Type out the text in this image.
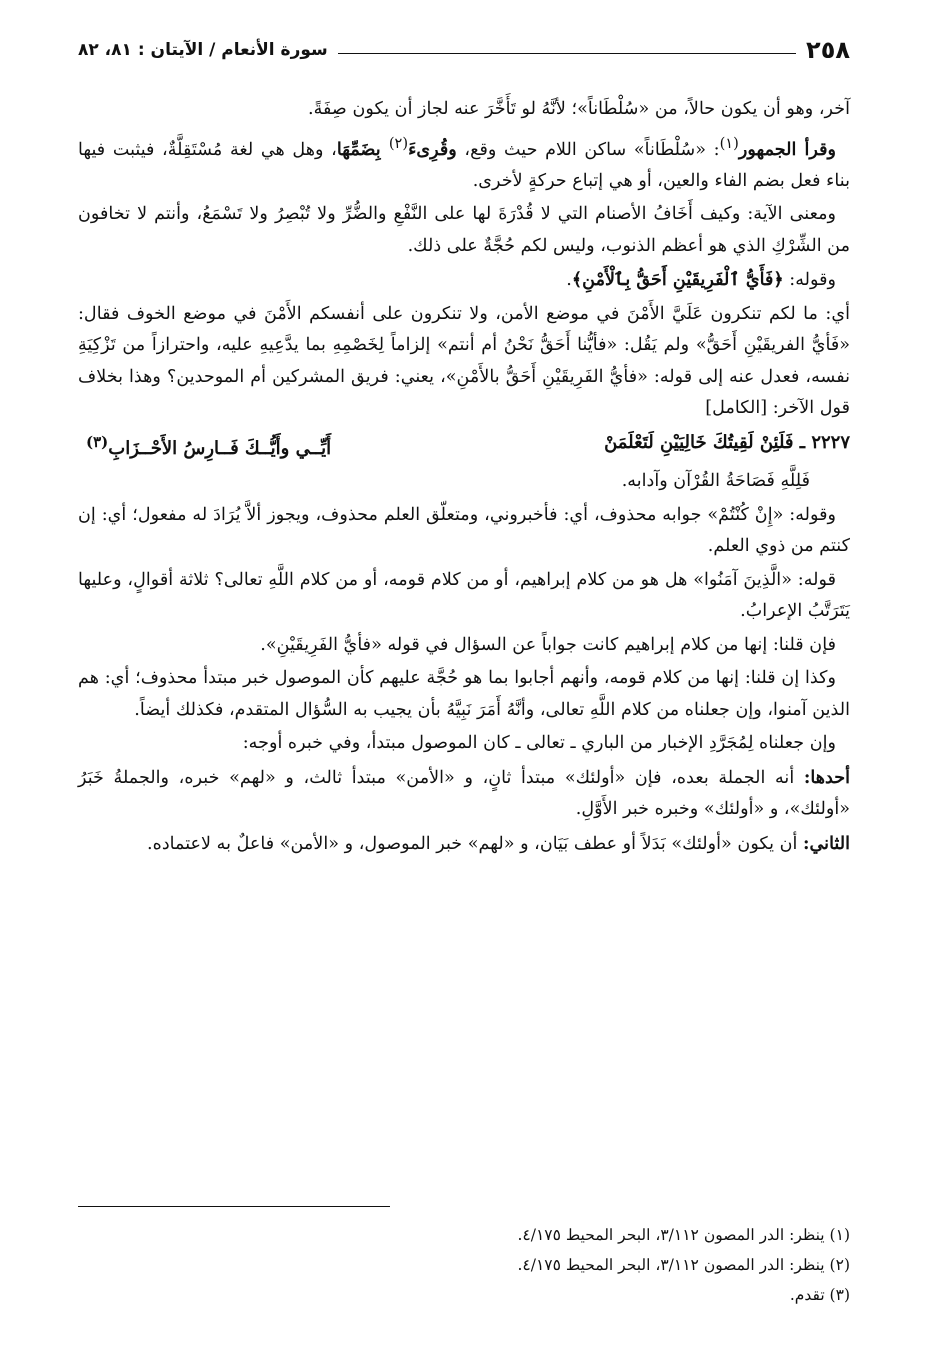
٢٥٨
سورة الأنعام / الآيتان : ٨١، ٨٢

آخر، وهو أن يكون حالاً، من «سُلْطَاناً»؛ لأنَّهُ لو تَأَخَّرَ عنه لجاز أن يكون صِفَةً.

وقرأ الجمهور$^{(١)}$: «سُلْطَاناً» ساكن اللام حيث وقع، وقُرِىءَ$^{(٢)}$ بِضَمِّهَا، وهل هي لغة مُسْتَقِلَّةٌ، فيثبت فيها بناء فعل بضم الفاء والعين، أو هي إتباع حركةٍ لأخرى.

ومعنى الآية: وكيف أَخَافُ الأصنام التي لا قُدْرَةَ لها على النَّفْعِ والضُّرِّ ولا تُبْصِرُ ولا تَسْمَعُ، وأنتم لا تخافون من الشِّرْكِ الذي هو أعظم الذنوب، وليس لكم حُجَّةٌ على ذلك.

وقوله: ﴿فَأَيُّ ٱلْفَرِيقَيْنِ أَحَقُّ بِٱلْأَمْنِ﴾.

أي: ما لكم تنكرون عَلَيَّ الأَمْنَ في موضع الأمن، ولا تنكرون على أنفسكم الأَمْنَ في موضع الخوف فقال: «فَأيُّ الفريقَيْنِ أَحَقُّ» ولم يَقُل: «فأيُّنا أَحَقُّ نَحْنُ أم أنتم» إلزاماً لِخَصْمِهِ بما يدَّعِيهِ عليه، واحترازاً من تَزْكِيَةِ نفسه، فعدل عنه إلى قوله: «فأيُّ الفَرِيقَيْنِ أَحَقُّ بالأَمْنِ»، يعني: فريق المشركين أم الموحدين؟ وهذا بخلاف قول الآخر: [الكامل]

٢٢٢٧ ـ فَلَئِنْ لَقِيتُكَ خَالِيَيْنِ لَتَعْلَمَنْ
أَيِّــي وأَيُّــكَ فَــارِسُ الأَحْــزَابِ$^{(٣)}$

فَلِلَّهِ فَصَاحَةُ القُرْآن وآدابه.

وقوله: «إِنْ كُنْتُمْ» جوابه محذوف، أي: فأخبروني، ومتعلّق العلم محذوف، ويجوز ألاَّ يُرَادَ له مفعول؛ أي: إن كنتم من ذوي العلم.

قوله: «الَّذِينَ آمَنُوا» هل هو من كلام إبراهيم، أو من كلام قومه، أو من كلام اللَّهِ تعالى؟ ثلاثة أقوالٍ، وعليها يَتَرَتَّبُ الإعرابُ.

فإن قلنا: إنها من كلام إبراهيم كانت جواباً عن السؤال في قوله «فأيُّ الفَرِيقَيْنِ».

وكذا إن قلنا: إنها من كلام قومه، وأنهم أجابوا بما هو حُجَّة عليهم كأن الموصول خبر مبتدأ محذوف؛ أي: هم الذين آمنوا، وإن جعلناه من كلام اللَّهِ تعالى، وأنَّهُ أَمَرَ نَبِيَّهُ بأن يجيب به السُّؤال المتقدم، فكذلك أيضاً.

وإن جعلناه لِمُجَرَّدِ الإخبار من الباري ـ تعالى ـ كان الموصول مبتدأ، وفي خبره أوجه:

أحدها: أنه الجملة بعده، فإن «أولئك» مبتدأ ثانٍ، و «الأمن» مبتدأ ثالث، و «لهم» خبره، والجملةُ خَبَرُ «أولئك»، و «أولئك» وخبره خبر الأَوَّلِ.

الثاني: أن يكون «أولئك» بَدَلاً أو عطف بَيَان، و «لهم» خبر الموصول، و «الأمن» فاعلٌ به لاعتماده.

(١) ينظر: الدر المصون ٣/١١٢، البحر المحيط ٤/١٧٥.
(٢) ينظر: الدر المصون ٣/١١٢، البحر المحيط ٤/١٧٥.
(٣) تقدم.
